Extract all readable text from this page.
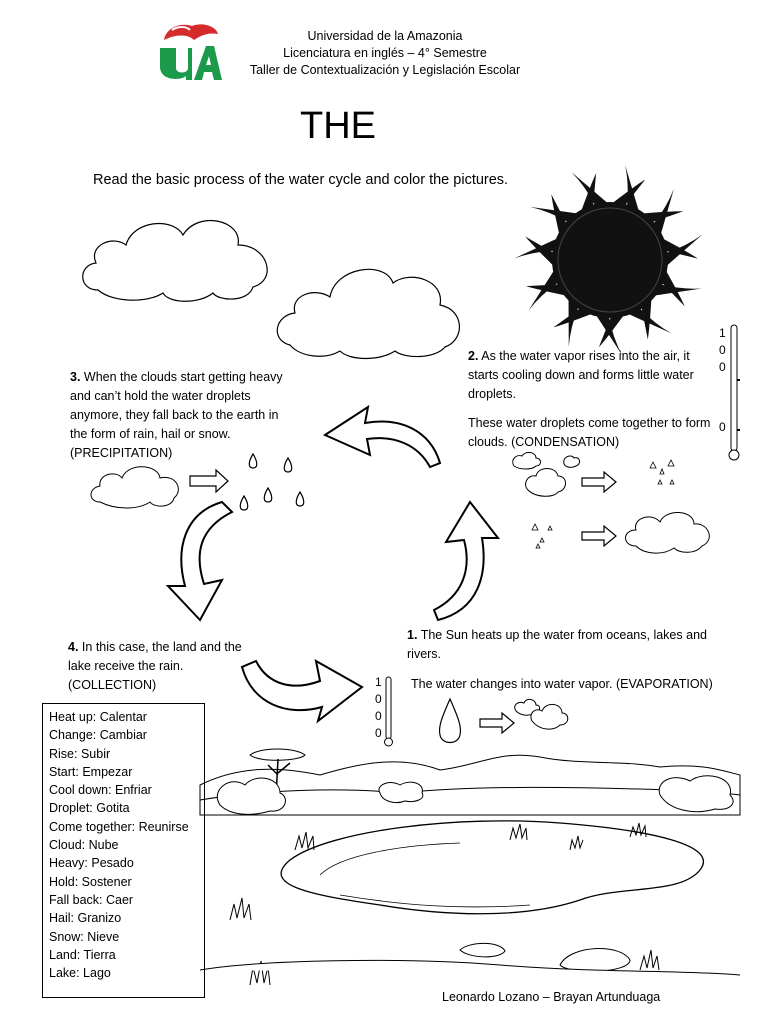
Universidad de la Amazonia
Licenciatura en inglés – 4° Semestre
Taller de Contextualización y Legislación Escolar
THE
Read the basic process of the water cycle and color the pictures.
1
0
0
0
2. As the water vapor rises into the air, it starts cooling down and forms little water droplets.
These water droplets come together to form clouds. (CONDENSATION)
3. When the clouds start getting heavy and can’t hold the water droplets anymore, they fall back to the earth in the form of rain, hail or snow.
(PRECIPITATION)
4. In this case, the land and the lake receive the rain.
(COLLECTION)
1. The Sun heats up the water from oceans, lakes and rivers.
The water changes into water vapor. (EVAPORATION)
1
0
0
0
Heat up: Calentar
Change: Cambiar
Rise: Subir
Start: Empezar
Cool down: Enfriar
Droplet: Gotita
Come together: Reunirse
Cloud: Nube
Heavy: Pesado
Hold: Sostener
Fall back: Caer
Hail: Granizo
Snow: Nieve
Land: Tierra
Lake: Lago
Leonardo Lozano – Brayan Artunduaga
